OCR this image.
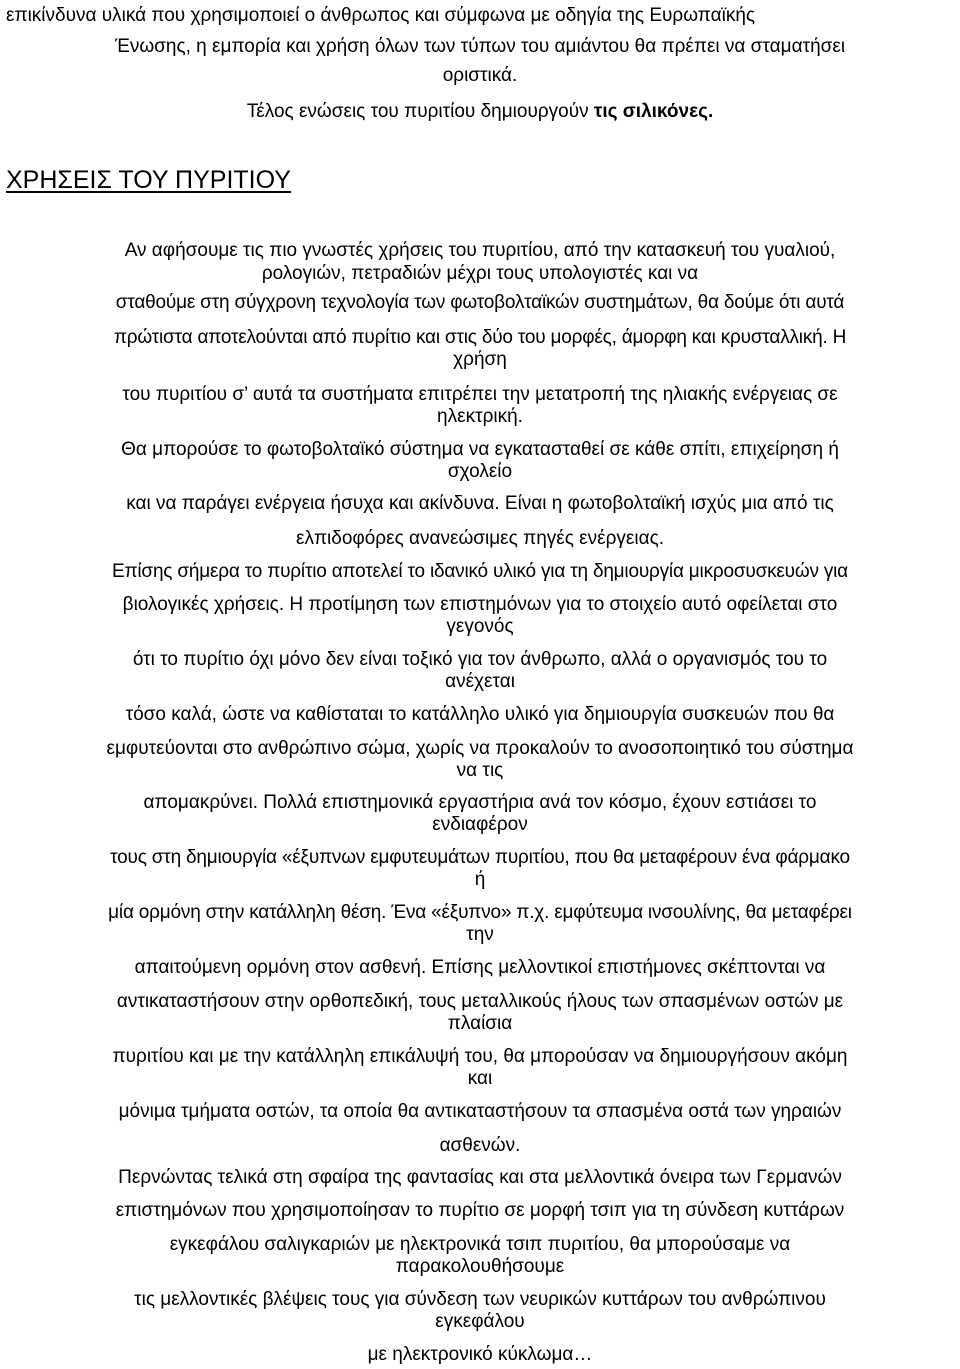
επικίνδυνα υλικά που χρησιμοποιεί ο άνθρωπος και σύμφωνα με οδηγία της Ευρωπαϊκής

Ένωσης, η εμπορία και χρήση όλων των τύπων του αμιάντου θα πρέπει να σταματήσει

οριστικά.

Τέλος ενώσεις του πυριτίου δημιουργούν τις σιλικόνες.

ΧΡΗΣΕΙΣ ΤΟΥ ΠΥΡΙΤΙΟΥ

Αν αφήσουμε τις πιο γνωστές χρήσεις του πυριτίου, από την κατασκευή του γυαλιού,

ρολογιών, πετραδιών μέχρι τους υπολογιστές και να

σταθούμε στη σύγχρονη τεχνολογία των φωτοβολταϊκών συστημάτων, θα δούμε ότι αυτά

πρώτιστα αποτελούνται από πυρίτιο και στις δύο του μορφές, άμορφη και κρυσταλλική. Η

χρήση

του πυριτίου σ’ αυτά τα συστήματα επιτρέπει την μετατροπή της ηλιακής ενέργειας σε

ηλεκτρική.

Θα μπορούσε το φωτοβολταϊκό σύστημα να εγκατασταθεί σε κάθε σπίτι, επιχείρηση ή

σχολείο

και να παράγει ενέργεια ήσυχα και ακίνδυνα. Είναι η φωτοβολταϊκή ισχύς μια από τις

ελπιδοφόρες ανανεώσιμες πηγές ενέργειας.

Επίσης σήμερα το πυρίτιο αποτελεί το ιδανικό υλικό για τη δημιουργία μικροσυσκευών για

βιολογικές χρήσεις. Η προτίμηση των επιστημόνων για το στοιχείο αυτό οφείλεται στο

γεγονός

ότι το πυρίτιο όχι μόνο δεν είναι τοξικό για τον άνθρωπο, αλλά ο οργανισμός του το

ανέχεται

τόσο καλά, ώστε να καθίσταται το κατάλληλο υλικό για δημιουργία συσκευών που θα

εμφυτεύονται στο ανθρώπινο σώμα, χωρίς να προκαλούν το ανοσοποιητικό του σύστημα

να τις

απομακρύνει. Πολλά επιστημονικά εργαστήρια ανά τον κόσμο, έχουν εστιάσει το

ενδιαφέρον

τους στη δημιουργία «έξυπνων εμφυτευμάτων πυριτίου, που θα μεταφέρουν ένα φάρμακο

ή

μία ορμόνη στην κατάλληλη θέση. Ένα «έξυπνο» π.χ. εμφύτευμα ινσουλίνης, θα μεταφέρει

την

απαιτούμενη ορμόνη στον ασθενή. Επίσης μελλοντικοί επιστήμονες σκέπτονται να

αντικαταστήσουν στην ορθοπεδική, τους μεταλλικούς ήλους των σπασμένων οστών με

πλαίσια

πυριτίου και με την κατάλληλη επικάλυψή του, θα μπορούσαν να δημιουργήσουν ακόμη

και

μόνιμα τμήματα οστών, τα οποία θα αντικαταστήσουν τα σπασμένα οστά των γηραιών

ασθενών.

Περνώντας τελικά στη σφαίρα της φαντασίας και στα μελλοντικά όνειρα των Γερμανών

επιστημόνων που χρησιμοποίησαν το πυρίτιο σε μορφή τσιπ για τη σύνδεση κυττάρων

εγκεφάλου σαλιγκαριών με ηλεκτρονικά τσιπ πυριτίου, θα μπορούσαμε να

παρακολουθήσουμε

τις μελλοντικές βλέψεις τους για σύνδεση των νευρικών κυττάρων του ανθρώπινου

εγκεφάλου

με ηλεκτρονικό κύκλωμα…
